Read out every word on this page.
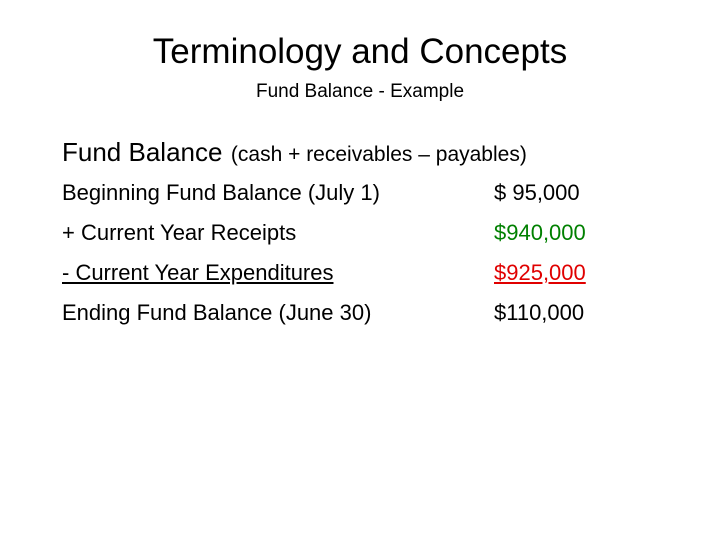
Terminology and Concepts
Fund Balance - Example
Fund Balance (cash + receivables – payables)
Beginning Fund Balance (July 1)	$ 95,000
+ Current Year Receipts	$940,000
- Current Year Expenditures	$925,000
Ending Fund Balance (June 30)	$110,000
